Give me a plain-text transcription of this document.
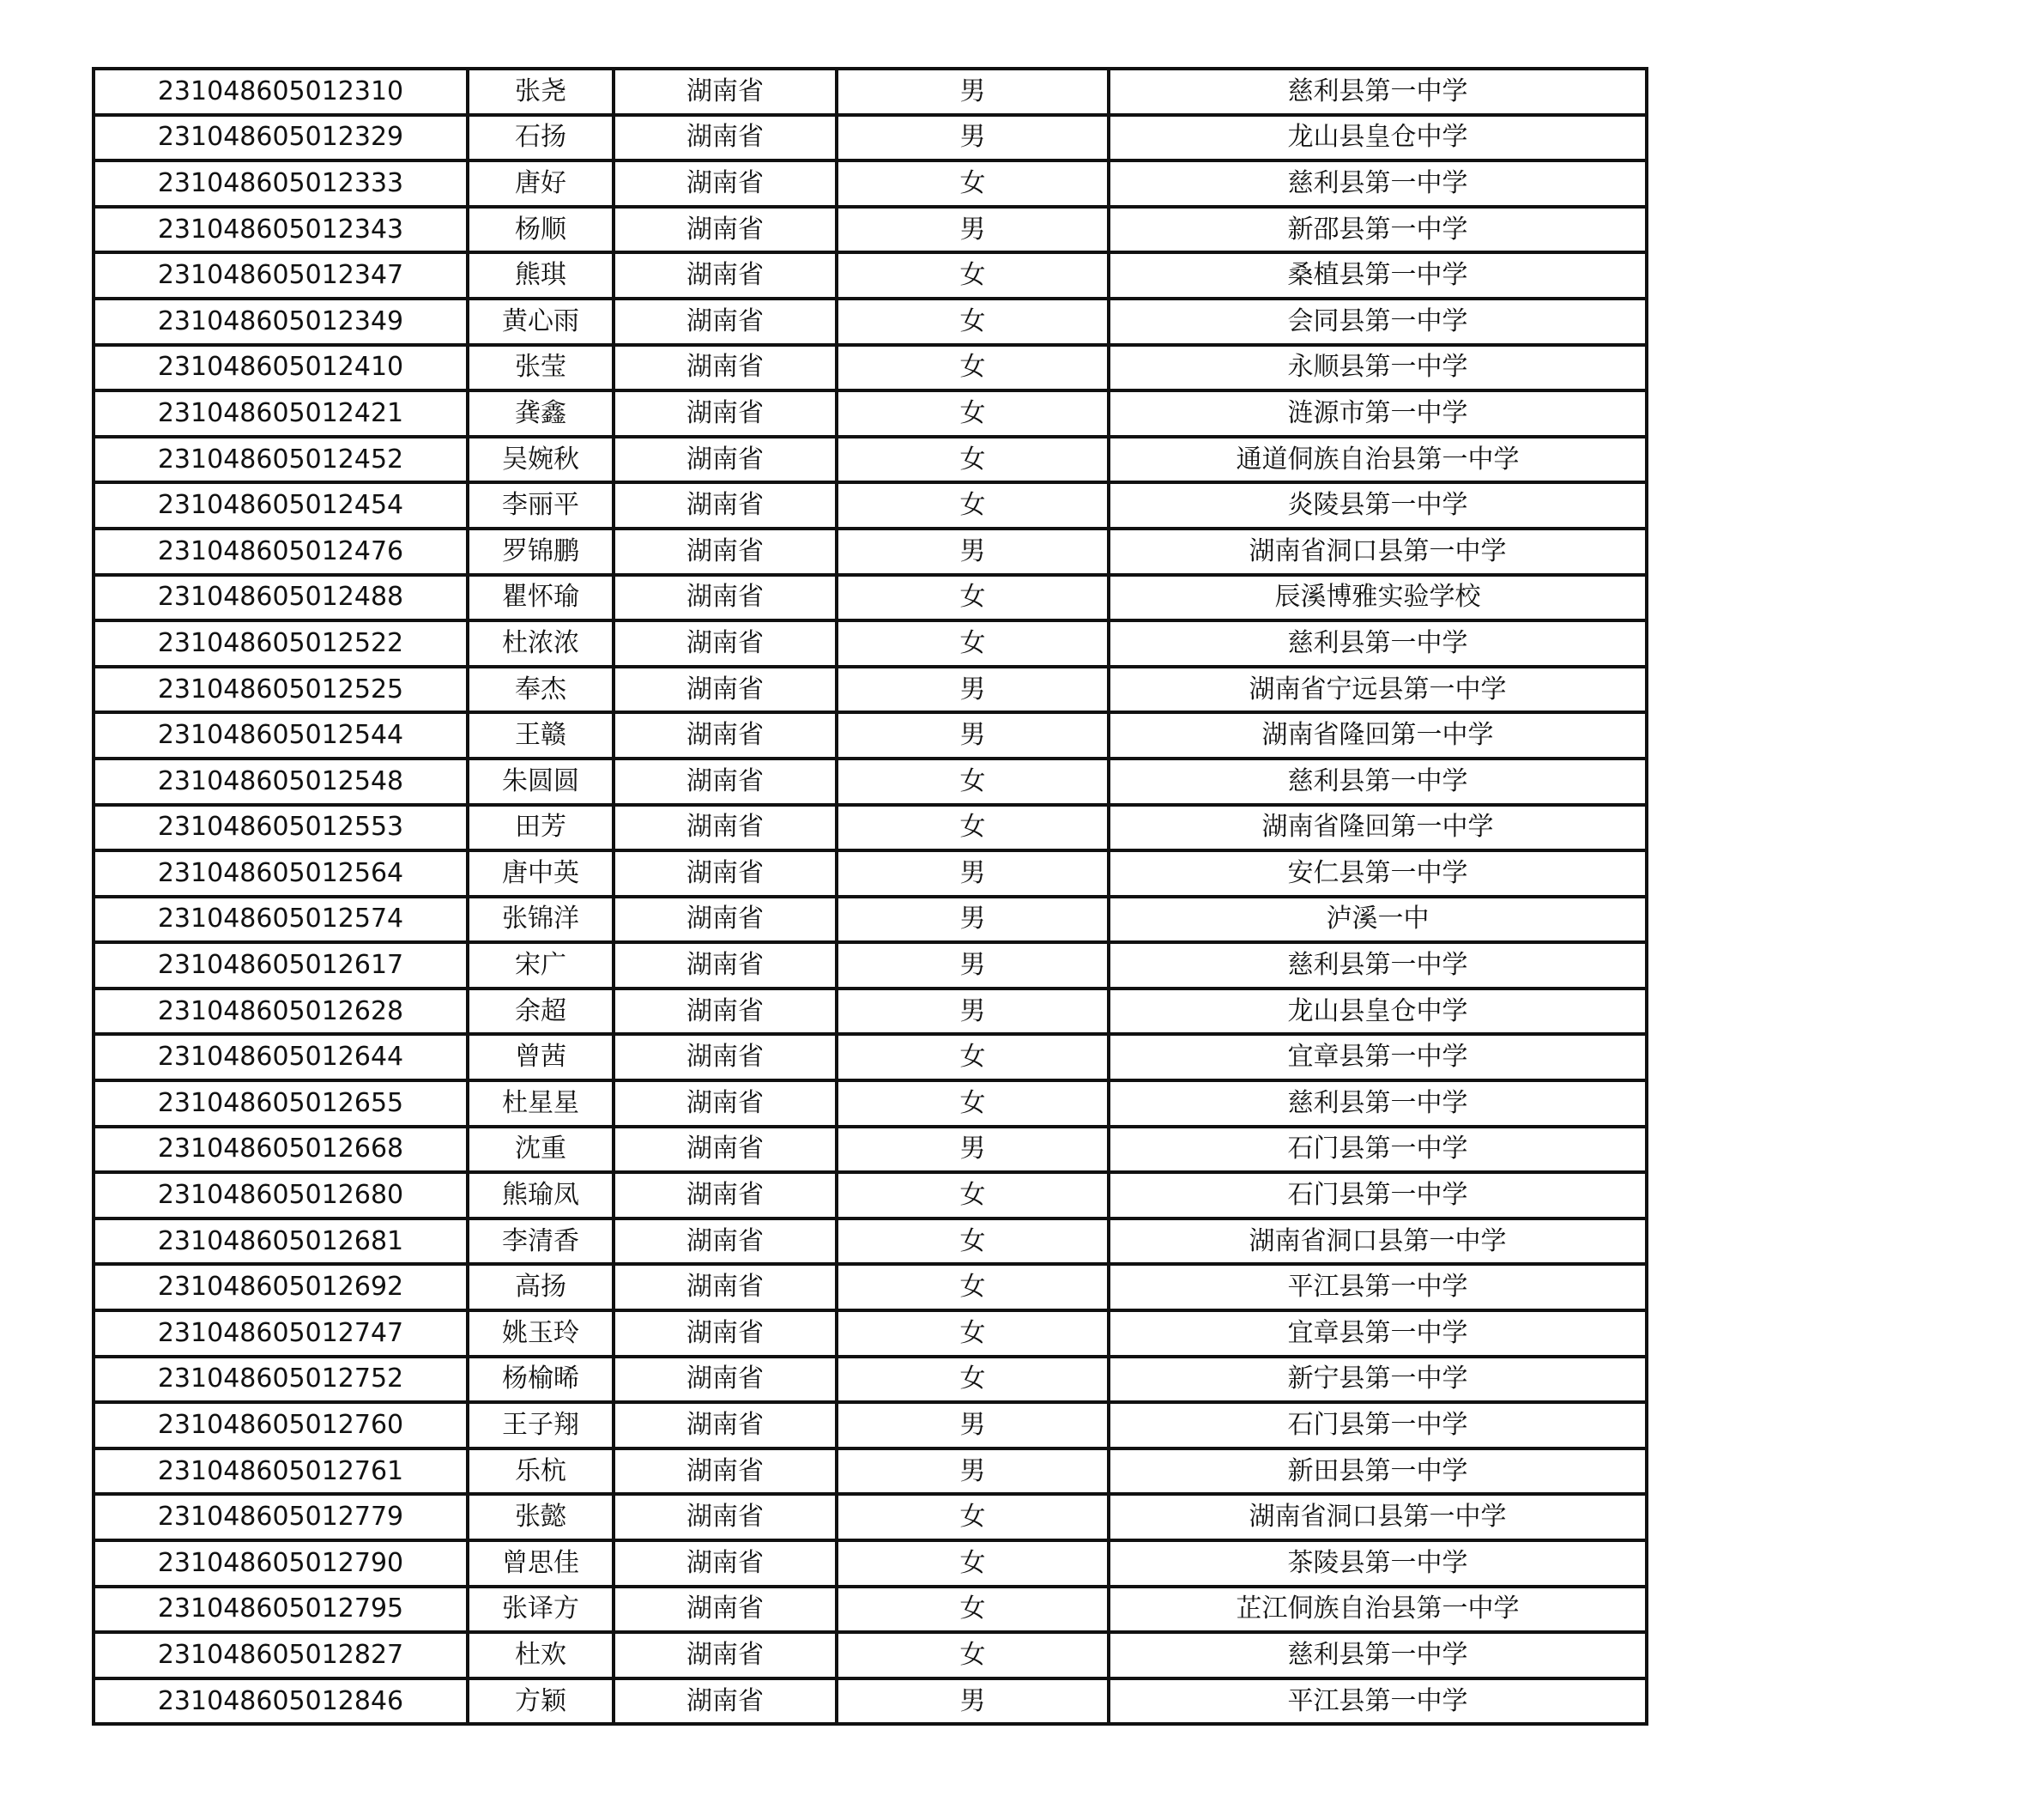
231048605012310	张尧	湖南省	男	慈利县第一中学
231048605012329	石扬	湖南省	男	龙山县皇仓中学
231048605012333	唐好	湖南省	女	慈利县第一中学
231048605012343	杨顺	湖南省	男	新邵县第一中学
231048605012347	熊琪	湖南省	女	桑植县第一中学
231048605012349	黄心雨	湖南省	女	会同县第一中学
231048605012410	张莹	湖南省	女	永顺县第一中学
231048605012421	龚鑫	湖南省	女	涟源市第一中学
231048605012452	吴婉秋	湖南省	女	通道侗族自治县第一中学
231048605012454	李丽平	湖南省	女	炎陵县第一中学
231048605012476	罗锦鹏	湖南省	男	湖南省洞口县第一中学
231048605012488	瞿怀瑜	湖南省	女	辰溪博雅实验学校
231048605012522	杜浓浓	湖南省	女	慈利县第一中学
231048605012525	奉杰	湖南省	男	湖南省宁远县第一中学
231048605012544	王赣	湖南省	男	湖南省隆回第一中学
231048605012548	朱圆圆	湖南省	女	慈利县第一中学
231048605012553	田芳	湖南省	女	湖南省隆回第一中学
231048605012564	唐中英	湖南省	男	安仁县第一中学
231048605012574	张锦洋	湖南省	男	泸溪一中
231048605012617	宋广	湖南省	男	慈利县第一中学
231048605012628	余超	湖南省	男	龙山县皇仓中学
231048605012644	曾茜	湖南省	女	宜章县第一中学
231048605012655	杜星星	湖南省	女	慈利县第一中学
231048605012668	沈重	湖南省	男	石门县第一中学
231048605012680	熊瑜凤	湖南省	女	石门县第一中学
231048605012681	李清香	湖南省	女	湖南省洞口县第一中学
231048605012692	高扬	湖南省	女	平江县第一中学
231048605012747	姚玉玲	湖南省	女	宜章县第一中学
231048605012752	杨榆晞	湖南省	女	新宁县第一中学
231048605012760	王子翔	湖南省	男	石门县第一中学
231048605012761	乐杭	湖南省	男	新田县第一中学
231048605012779	张懿	湖南省	女	湖南省洞口县第一中学
231048605012790	曾思佳	湖南省	女	茶陵县第一中学
231048605012795	张译方	湖南省	女	芷江侗族自治县第一中学
231048605012827	杜欢	湖南省	女	慈利县第一中学
231048605012846	方颖	湖南省	男	平江县第一中学
